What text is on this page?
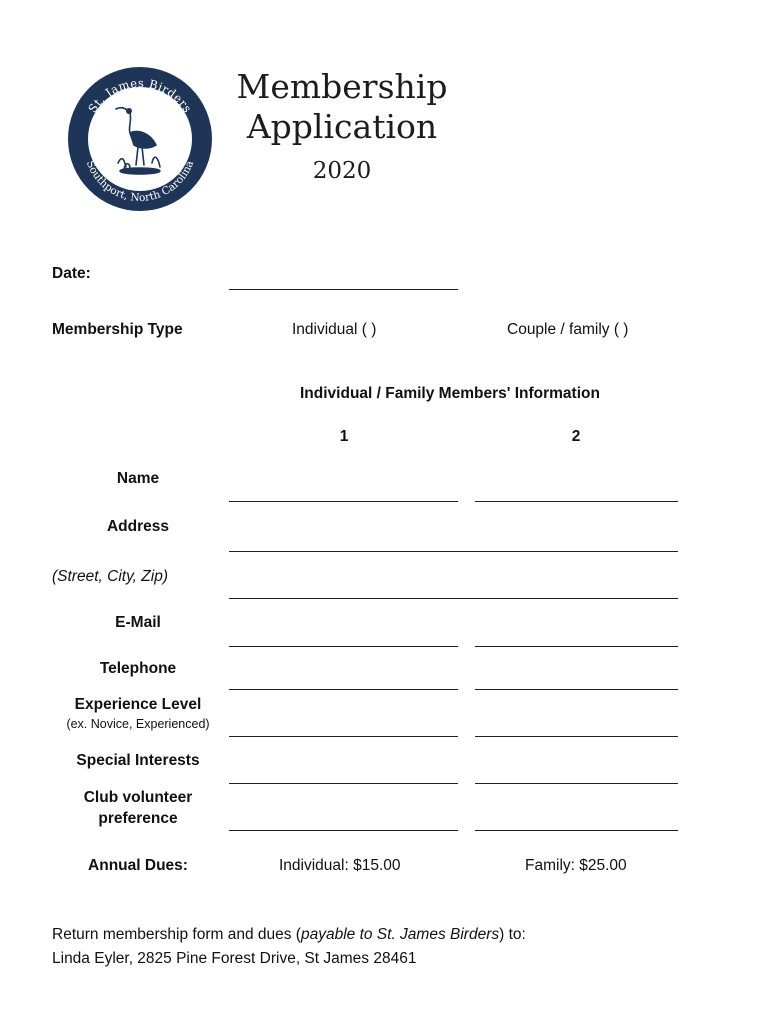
St. James Birders
Southport, North Carolina
Membership
Application
2020
Date:
Membership Type	Individual ( )	Couple / family ( )
Individual / Family Members' Information
1	2
Name
Address
(Street, City, Zip)
E-Mail
Telephone
Experience Level
(ex. Novice, Experienced)
Special Interests
Club volunteer
preference
Annual Dues:	Individual: $15.00	Family: $25.00
Return membership form and dues (payable to St. James Birders) to:
Linda Eyler, 2825 Pine Forest Drive, St James 28461
